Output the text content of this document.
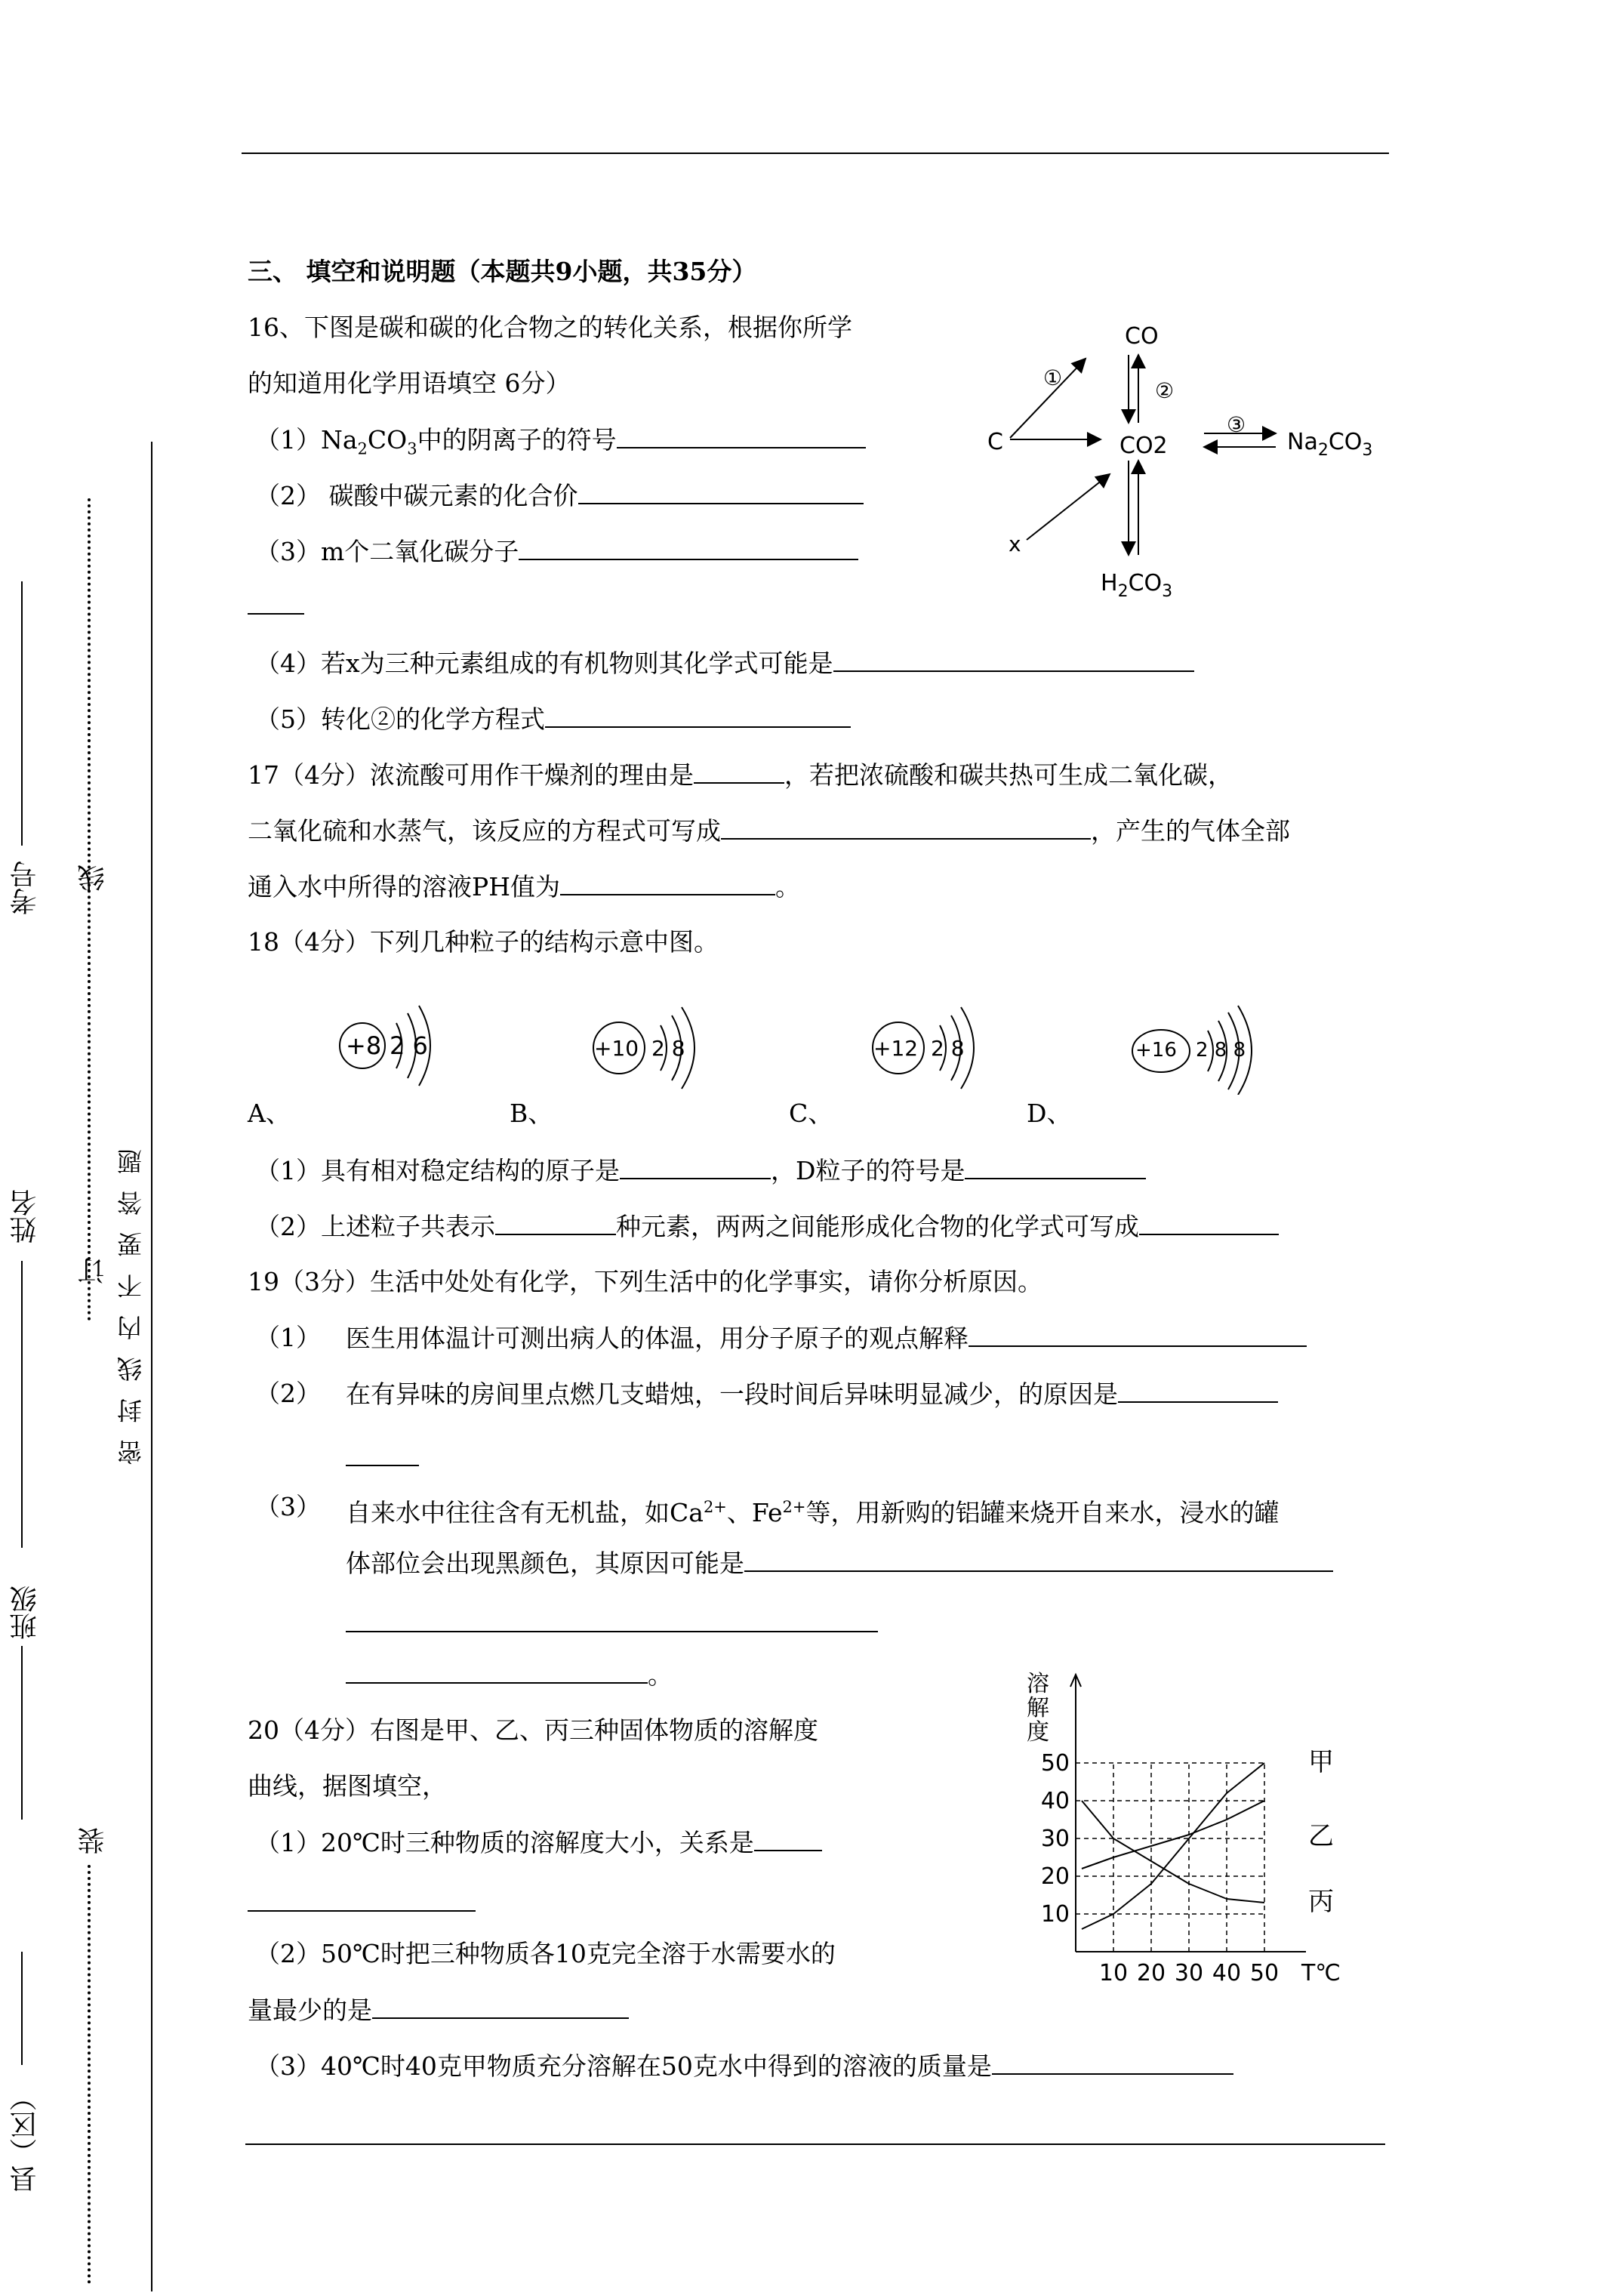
县（区）
班级
姓名
考号
装
订
线
密封线内不要答题
三、 填空和说明题（本题共9小题，共35分）
16、下图是碳和碳的化合物之的转化关系，根据你所学
的知道用化学用语填空 6分）
$(1)Na_2CO_3$中的阴离子的符号
（2） 碳酸中碳元素的化合价
（3）m个二氧化碳分子
（4）若x为三种元素组成的有机物则其化学式可能是
（5）转化②的化学方程式
CO
C	CO2
x
$H_2CO_3$
$Na_2CO_3$
①
②
③
17（4分）浓流酸可用作干燥剂的理由是	，若把浓硫酸和碳共热可生成二氧化碳，
二氧化硫和水蒸气，该反应的方程式可写成	，产生的气体全部
通入水中所得的溶液PH值为	。
18（4分）下列几种粒子的结构示意中图。
+8 2 6
A、
+10 2 8
B、
+12 2 8
C、
+16 2 8 8
D、
（1）具有相对稳定结构的原子是	，D粒子的符号是
（2）上述粒子共表示	种元素，两两之间能形成化合物的化学式可写成
19（3分）生活中处处有化学，下列生活中的化学事实，请你分析原因。
（1） 医生用体温计可测出病人的体温，用分子原子的观点解释
（2） 在有异味的房间里点燃几支蜡烛，一段时间后异味明显减少，的原因是
（3） 自来水中往往含有无机盐，如$Ca^{2+}$、$Fe^{2+}$等，用新购的铝罐来烧开自来水，浸水的罐
体部位会出现黑颜色，其原因可能是
。
20（4分）右图是甲、乙、丙三种固体物质的溶解度
曲线，据图填空，
（1）20℃时三种物质的溶解度大小，关系是
（2）50℃时把三种物质各10克完全溶于水需要水的
量最少的是
（3）40℃时40克甲物质充分溶解在50克水中得到的溶液的质量是
10
20
30
40
50
10 20 30 40 50 T℃
溶
解
度
甲
乙
丙
